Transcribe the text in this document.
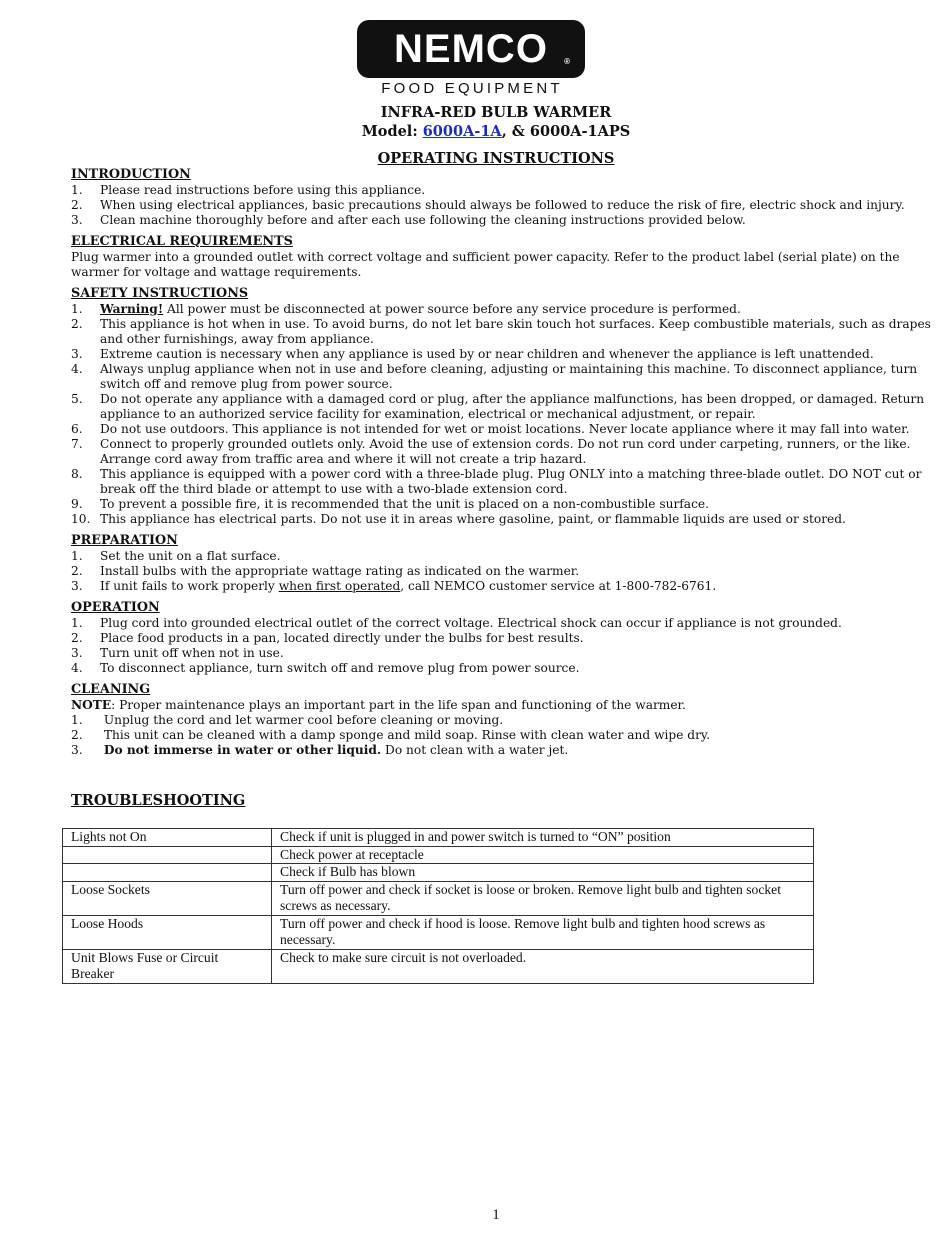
NEMCO ®
FOOD EQUIPMENT
INFRA-RED BULB WARMER
Model: 6000A-1A, & 6000A-1APS
OPERATING INSTRUCTIONS
INTRODUCTION
1. Please read instructions before using this appliance.
2. When using electrical appliances, basic precautions should always be followed to reduce the risk of fire, electric shock and injury.
3. Clean machine thoroughly before and after each use following the cleaning instructions provided below.
ELECTRICAL REQUIREMENTS

Plug warmer into a grounded outlet with correct voltage and sufficient power capacity. Refer to the product label (serial plate) on the warmer for voltage and wattage requirements.

SAFETY INSTRUCTIONS
1. Warning! All power must be disconnected at power source before any service procedure is performed.
2. This appliance is hot when in use. To avoid burns, do not let bare skin touch hot surfaces. Keep combustible materials, such as drapes and other furnishings, away from appliance.
3. Extreme caution is necessary when any appliance is used by or near children and whenever the appliance is left unattended.
4. Always unplug appliance when not in use and before cleaning, adjusting or maintaining this machine. To disconnect appliance, turn switch off and remove plug from power source.
5. Do not operate any appliance with a damaged cord or plug, after the appliance malfunctions, has been dropped, or damaged. Return appliance to an authorized service facility for examination, electrical or mechanical adjustment, or repair.
6. Do not use outdoors. This appliance is not intended for wet or moist locations. Never locate appliance where it may fall into water.
7. Connect to properly grounded outlets only. Avoid the use of extension cords. Do not run cord under carpeting, runners, or the like. Arrange cord away from traffic area and where it will not create a trip hazard.
8. This appliance is equipped with a power cord with a three-blade plug. Plug ONLY into a matching three-blade outlet. DO NOT cut or break off the third blade or attempt to use with a two-blade extension cord.
9. To prevent a possible fire, it is recommended that the unit is placed on a non-combustible surface.
10. This appliance has electrical parts. Do not use it in areas where gasoline, paint, or flammable liquids are used or stored.
PREPARATION
1. Set the unit on a flat surface.
2. Install bulbs with the appropriate wattage rating as indicated on the warmer.
3. If unit fails to work properly when first operated, call NEMCO customer service at 1-800-782-6761.
OPERATION
1. Plug cord into grounded electrical outlet of the correct voltage. Electrical shock can occur if appliance is not grounded.
2. Place food products in a pan, located directly under the bulbs for best results.
3. Turn unit off when not in use.
4. To disconnect appliance, turn switch off and remove plug from power source.
CLEANING

NOTE: Proper maintenance plays an important part in the life span and functioning of the warmer.

1. Unplug the cord and let warmer cool before cleaning or moving.
2. This unit can be cleaned with a damp sponge and mild soap. Rinse with clean water and wipe dry.
3. Do not immerse in water or other liquid. Do not clean with a water jet.
TROUBLESHOOTING
Lights not On	Check if unit is plugged in and power switch is turned to “ON” position
	Check power at receptacle
	Check if Bulb has blown
Loose Sockets	Turn off power and check if socket is loose or broken. Remove light bulb and tighten socket screws as necessary.
Loose Hoods	Turn off power and check if hood is loose. Remove light bulb and tighten hood screws as necessary.
Unit Blows Fuse or Circuit Breaker	Check to make sure circuit is not overloaded.
1
